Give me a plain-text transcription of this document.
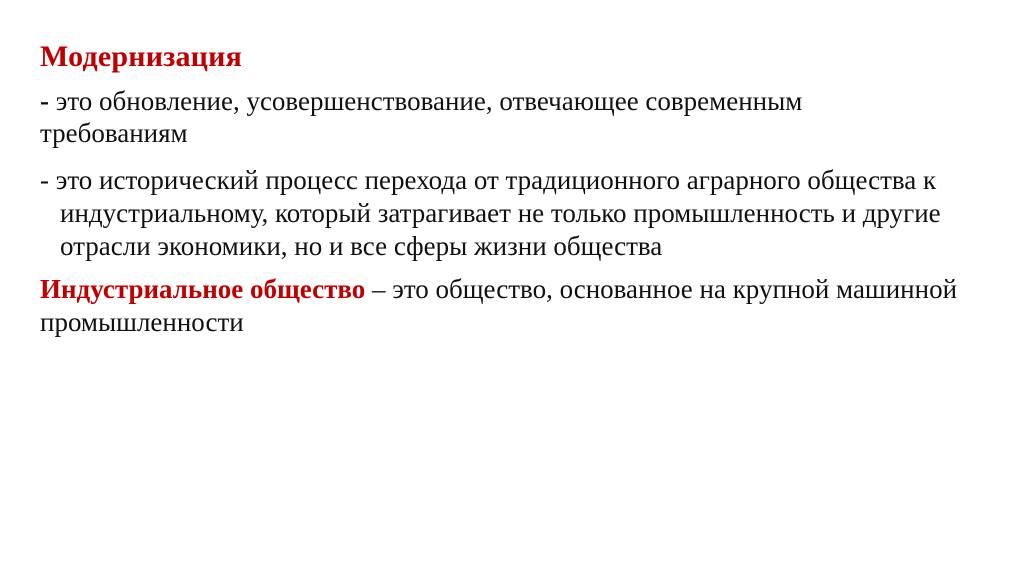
Модернизация

- это обновление, усовершенствование, отвечающее современным требованиям

- это исторический процесс перехода от традиционного аграрного общества к индустриальному, который затрагивает не только промышленность и другие отрасли экономики, но и все сферы жизни общества

Индустриальное общество – это общество, основанное на крупной машинной промышленности
